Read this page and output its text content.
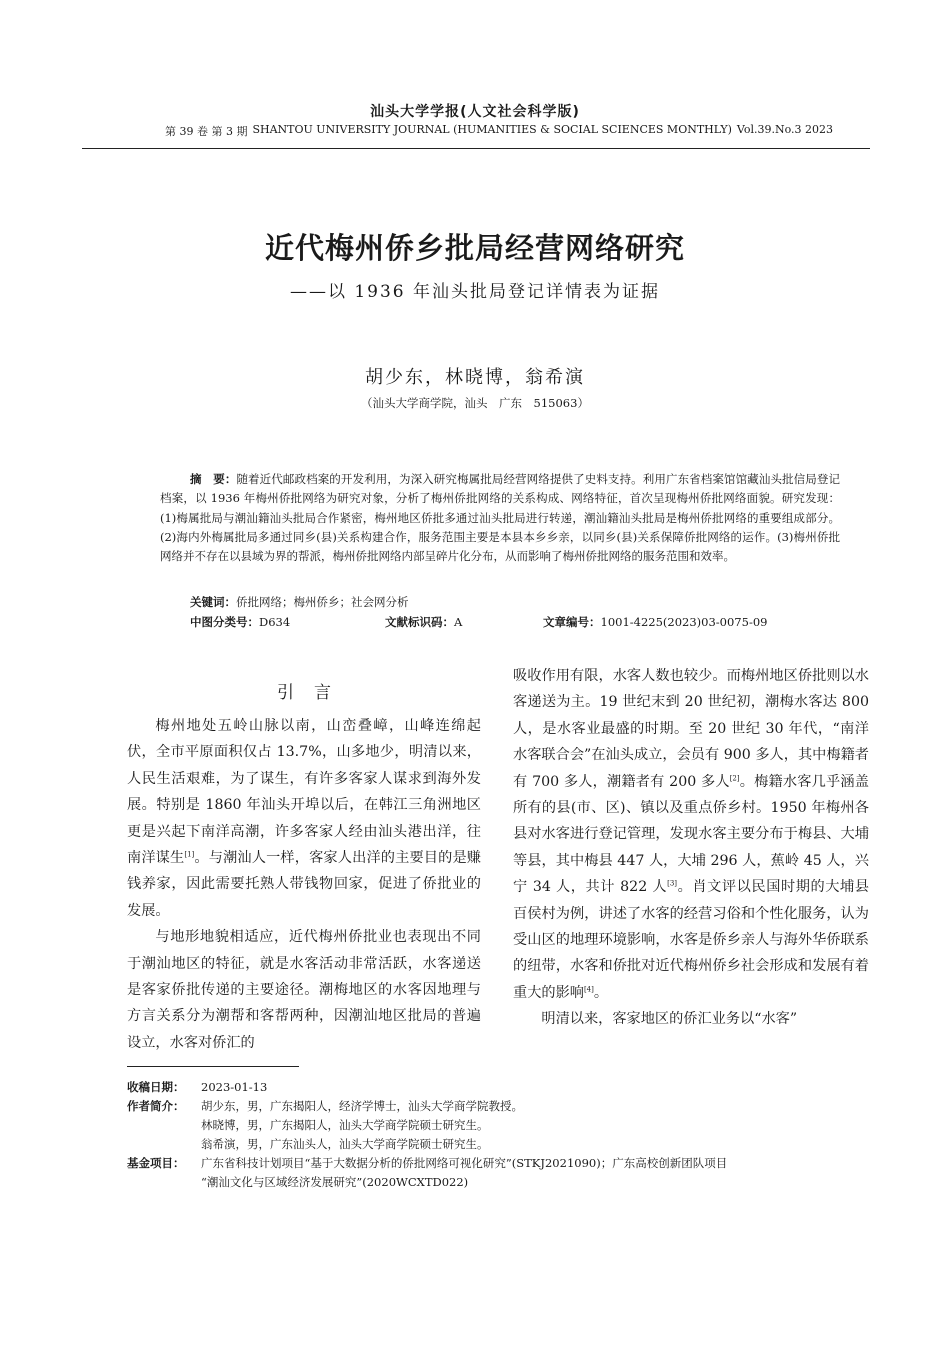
汕头大学学报(人文社会科学版)
第 39 卷 第 3 期 SHANTOU UNIVERSITY JOURNAL (HUMANITIES & SOCIAL SCIENCES MONTHLY) Vol.39.No.3 2023
近代梅州侨乡批局经营网络研究
——以 1936 年汕头批局登记详情表为证据
胡少东，林晓博，翁希演
（汕头大学商学院，汕头　广东　515063）
摘　要：随着近代邮政档案的开发利用，为深入研究梅属批局经营网络提供了史料支持。利用广东省档案馆馆藏汕头批信局登记档案，以 1936 年梅州侨批网络为研究对象，分析了梅州侨批网络的关系构成、网络特征，首次呈现梅州侨批网络面貌。研究发现：(1)梅属批局与潮汕籍汕头批局合作紧密，梅州地区侨批多通过汕头批局进行转递，潮汕籍汕头批局是梅州侨批网络的重要组成部分。(2)海内外梅属批局多通过同乡(县)关系构建合作，服务范围主要是本县本乡乡亲，以同乡(县)关系保障侨批网络的运作。(3)梅州侨批网络并不存在以县域为界的帮派，梅州侨批网络内部呈碎片化分布，从而影响了梅州侨批网络的服务范围和效率。
关键词：侨批网络；梅州侨乡；社会网分析
中图分类号：D634	文献标识码：A	文章编号：1001-4225(2023)03-0075-09
引言

梅州地处五岭山脉以南，山峦叠嶂，山峰连绵起伏，全市平原面积仅占 13.7%，山多地少，明清以来，人民生活艰难，为了谋生，有许多客家人谋求到海外发展。特别是 1860 年汕头开埠以后，在韩江三角洲地区更是兴起下南洋高潮，许多客家人经由汕头港出洋，往南洋谋生[1]。与潮汕人一样，客家人出洋的主要目的是赚钱养家，因此需要托熟人带钱物回家，促进了侨批业的发展。

与地形地貌相适应，近代梅州侨批业也表现出不同于潮汕地区的特征，就是水客活动非常活跃，水客递送是客家侨批传递的主要途径。潮梅地区的水客因地理与方言关系分为潮帮和客帮两种，因潮汕地区批局的普遍设立，水客对侨汇的

吸收作用有限，水客人数也较少。而梅州地区侨批则以水客递送为主。19 世纪末到 20 世纪初，潮梅水客达 800 人，是水客业最盛的时期。至 20 世纪 30 年代，“南洋水客联合会”在汕头成立，会员有 900 多人，其中梅籍者有 700 多人，潮籍者有 200 多人[2]。梅籍水客几乎涵盖所有的县(市、区)、镇以及重点侨乡村。1950 年梅州各县对水客进行登记管理，发现水客主要分布于梅县、大埔等县，其中梅县 447 人，大埔 296 人，蕉岭 45 人，兴宁 34 人，共计 822 人[3]。肖文评以民国时期的大埔县百侯村为例，讲述了水客的经营习俗和个性化服务，认为受山区的地理环境影响，水客是侨乡亲人与海外华侨联系的纽带，水客和侨批对近代梅州侨乡社会形成和发展有着重大的影响[4]。

明清以来，客家地区的侨汇业务以“水客”

收稿日期：	2023-01-13
作者简介：	胡少东，男，广东揭阳人，经济学博士，汕头大学商学院教授。
林晓博，男，广东揭阳人，汕头大学商学院硕士研究生。
翁希演，男，广东汕头人，汕头大学商学院硕士研究生。
基金项目：	广东省科技计划项目“基于大数据分析的侨批网络可视化研究”(STKJ2021090)；广东高校创新团队项目
“潮汕文化与区域经济发展研究”(2020WCXTD022)
